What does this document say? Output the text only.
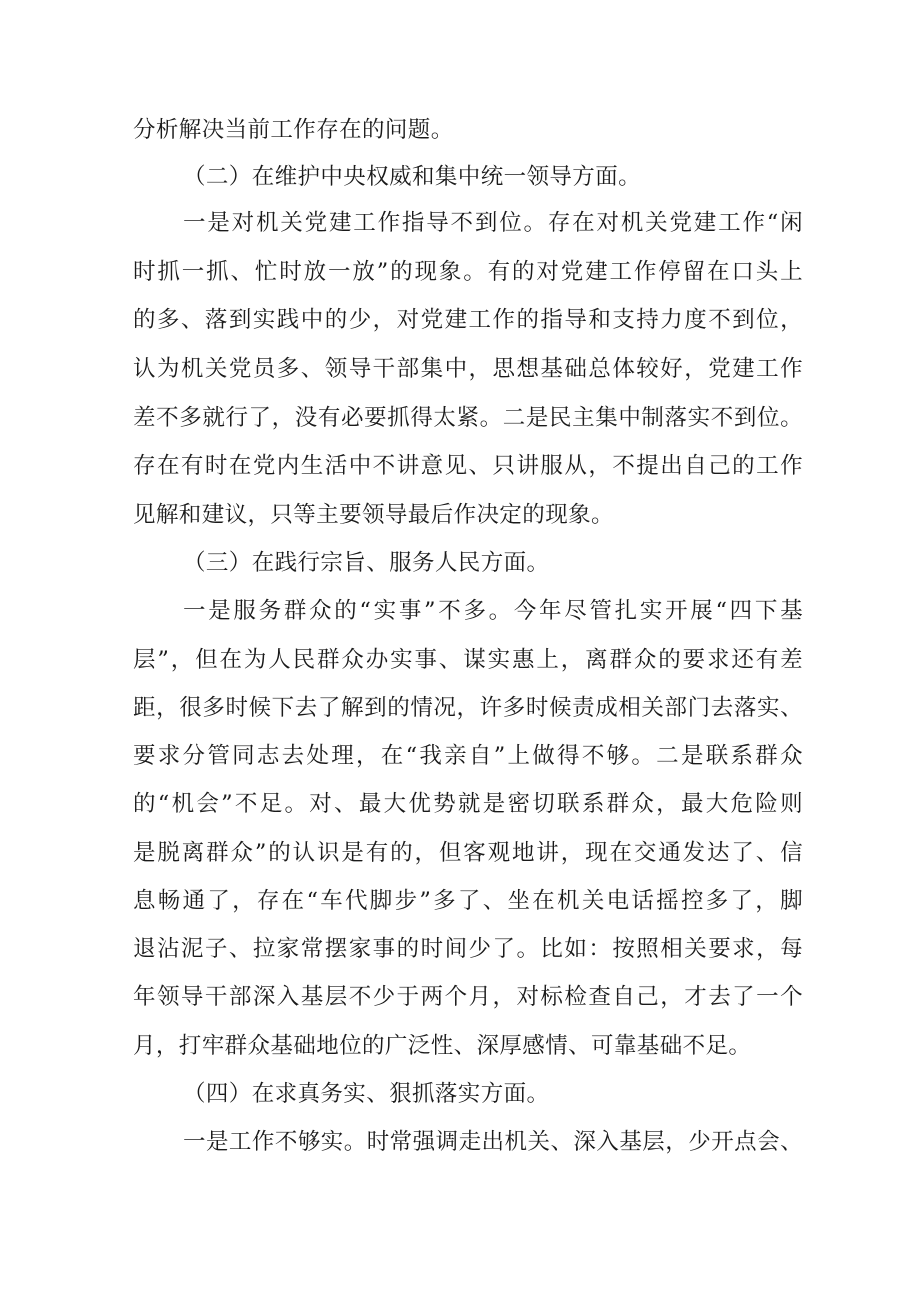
分析解决当前工作存在的问题。
（二）在维护中央权威和集中统一领导方面。
一是对机关党建工作指导不到位。存在对机关党建工作“闲
时抓一抓、忙时放一放”的现象。有的对党建工作停留在口头上
的多、落到实践中的少，对党建工作的指导和支持力度不到位，
认为机关党员多、领导干部集中，思想基础总体较好，党建工作
差不多就行了，没有必要抓得太紧。二是民主集中制落实不到位。
存在有时在党内生活中不讲意见、只讲服从，不提出自己的工作
见解和建议，只等主要领导最后作决定的现象。
（三）在践行宗旨、服务人民方面。
一是服务群众的“实事”不多。今年尽管扎实开展“四下基
层”，但在为人民群众办实事、谋实惠上，离群众的要求还有差
距，很多时候下去了解到的情况，许多时候责成相关部门去落实、
要求分管同志去处理，在“我亲自”上做得不够。二是联系群众
的“机会”不足。对、最大优势就是密切联系群众，最大危险则
是脱离群众”的认识是有的，但客观地讲，现在交通发达了、信
息畅通了，存在“车代脚步”多了、坐在机关电话摇控多了，脚
退沾泥子、拉家常摆家事的时间少了。比如：按照相关要求，每
年领导干部深入基层不少于两个月，对标检查自己，才去了一个
月，打牢群众基础地位的广泛性、深厚感情、可靠基础不足。
（四）在求真务实、狠抓落实方面。
一是工作不够实。时常强调走出机关、深入基层，少开点会、
